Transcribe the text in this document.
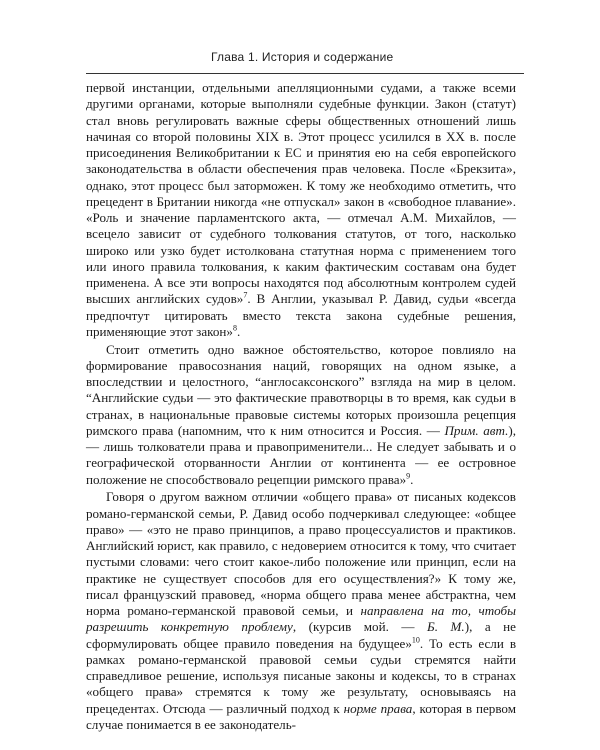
Глава 1. История и содержание

первой инстанции, отдельными апелляционными судами, а также всеми другими органами, которые выполняли судебные функции. Закон (статут) стал вновь регулировать важные сферы общественных отношений лишь начиная со второй половины XIX в. Этот процесс усилился в XX в. после присоединения Великобритании к ЕС и принятия ею на себя европейского законодательства в области обеспечения прав человека. После «Брекзита», однако, этот процесс был заторможен. К тому же необходимо отметить, что прецедент в Британии никогда «не отпускал» закон в «свободное плавание». «Роль и значение парламентского акта, — отмечал А.М. Михайлов, — всецело зависит от судебного толкования статутов, от того, насколько широко или узко будет истолкована статутная норма с применением того или иного правила толкования, к каким фактическим составам она будет применена. А все эти вопросы находятся под абсолютным контролем судей высших английских судов»$^7$. В Англии, указывал Р. Давид, судьи «всегда предпочтут цитировать вместо текста закона судебные решения, применяющие этот закон»$^8$.

Стоит отметить одно важное обстоятельство, которое повлияло на формирование правосознания наций, говорящих на одном языке, а впоследствии и целостного, “англосаксонского” взгляда на мир в целом. “Английские судьи — это фактические правотворцы в то время, как судьи в странах, в национальные правовые системы которых произошла рецепция римского права (напомним, что к ним относится и Россия. — Прим. авт.), — лишь толкователи права и правоприменители... Не следует забывать и о географической оторванности Англии от континента — ее островное положение не способствовало рецепции римского права»$^9$.

Говоря о другом важном отличии «общего права» от писаных кодексов романо-германской семьи, Р. Давид особо подчеркивал следующее: «общее право» — «это не право принципов, а право процессуалистов и практиков. Английский юрист, как правило, с недоверием относится к тому, что считает пустыми словами: чего стоит какое-либо положение или принцип, если на практике не существует способов для его осуществления?» К тому же, писал французский правовед, «норма общего права менее абстрактна, чем норма романо-германской правовой семьи, и направлена на то, чтобы разрешить конкретную проблему, (курсив мой. — Б. М.), а не сформулировать общее правило поведения на будущее»$^{10}$. То есть если в рамках романо-германской правовой семьи судьи стремятся найти справедливое решение, используя писаные законы и кодексы, то в странах «общего права» стремятся к тому же результату, основываясь на прецедентах. Отсюда — различный подход к норме права, которая в первом случае понимается в ее законодатель-
